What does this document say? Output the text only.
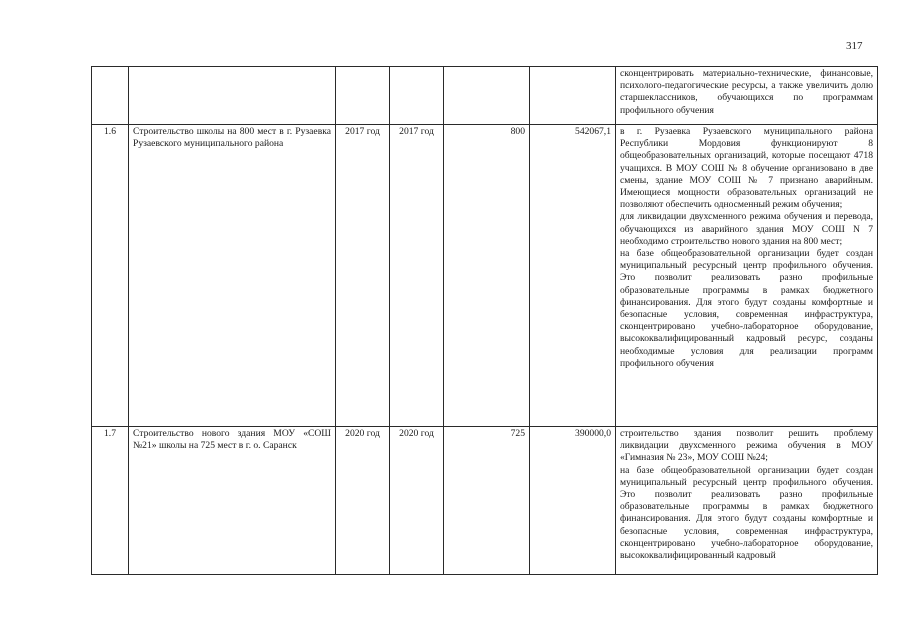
317

						сконцентрировать материально-технические, финансовые, психолого-педагогические ресурсы, а также увеличить долю старшеклассников, обучающихся по программам профильного обучения

1.6	Строительство школы на 800 мест в г. Рузаевка Рузаевского муниципального района	2017 год	2017 год	800	542067,1	в г. Рузаевка Рузаевского муниципального района Республики Мордовия функционируют 8 общеобразовательных организаций, которые посещают 4718 учащихся. В МОУ СОШ № 8 обучение организовано в две смены, здание МОУ СОШ № 7 признано аварийным. Имеющиеся мощности образовательных организаций не позволяют обеспечить односменный режим обучения;
для ликвидации двухсменного режима обучения и перевода, обучающихся из аварийного здания МОУ СОШ N 7 необходимо строительство нового здания на 800 мест;
на базе общеобразовательной организации будет создан муниципальный ресурсный центр профильного обучения. Это позволит реализовать разно профильные образовательные программы в рамках бюджетного финансирования. Для этого будут созданы комфортные и безопасные условия, современная инфраструктура, сконцентрировано учебно-лабораторное оборудование, высококвалифицированный кадровый ресурс, созданы необходимые условия для реализации программ профильного обучения

1.7	Строительство нового здания МОУ «СОШ №21» школы на 725 мест в г. о. Саранск	2020 год	2020 год	725	390000,0	строительство здания позволит решить проблему ликвидации двухсменного режима обучения в МОУ «Гимназия № 23», МОУ СОШ №24;
на базе общеобразовательной организации будет создан муниципальный ресурсный центр профильного обучения. Это позволит реализовать разно профильные образовательные программы в рамках бюджетного финансирования. Для этого будут созданы комфортные и безопасные условия, современная инфраструктура, сконцентрировано учебно-лабораторное оборудование, высококвалифицированный кадровый
